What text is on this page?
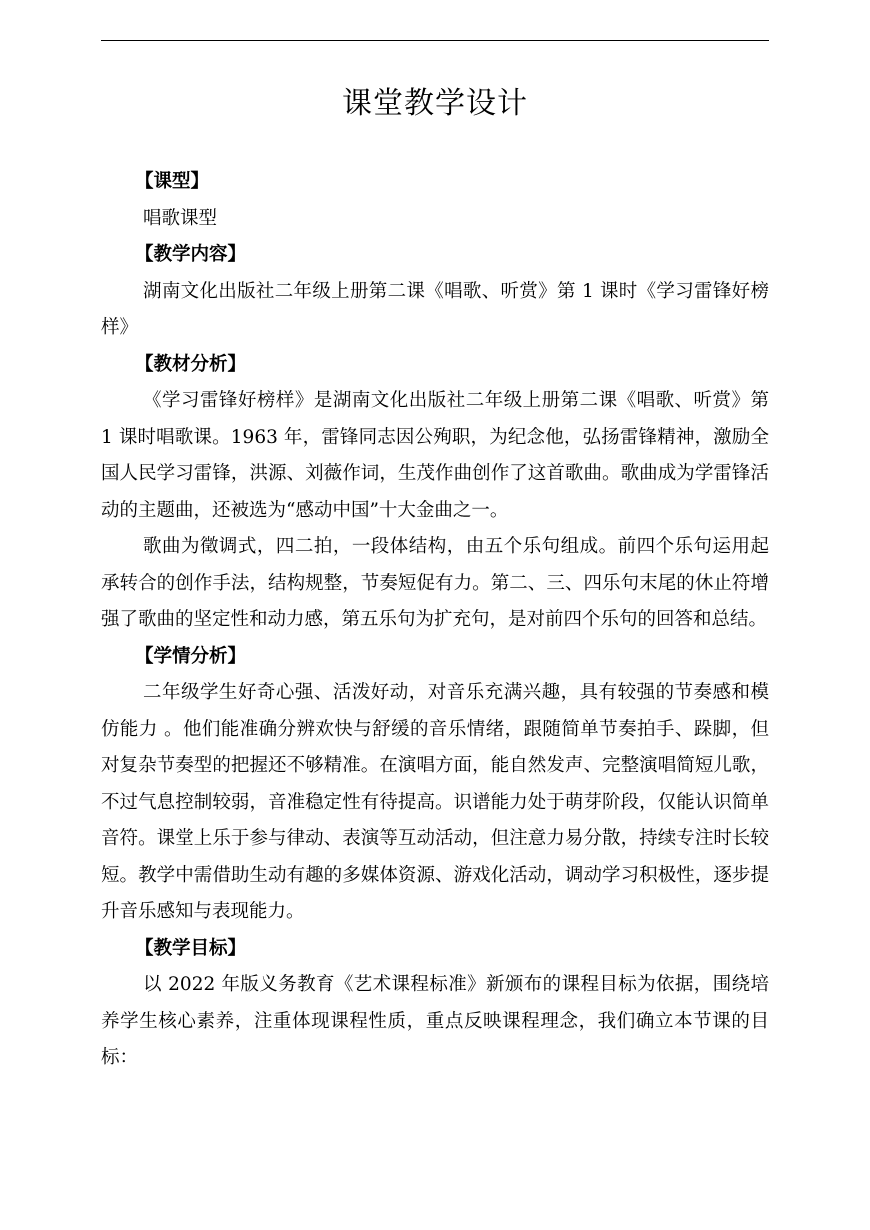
课堂教学设计

【课型】

唱歌课型

【教学内容】

湖南文化出版社二年级上册第二课《唱歌、听赏》第 1 课时《学习雷锋好榜样》

【教材分析】

《学习雷锋好榜样》是湖南文化出版社二年级上册第二课《唱歌、听赏》第 1 课时唱歌课。1963 年，雷锋同志因公殉职，为纪念他，弘扬雷锋精神，激励全国人民学习雷锋，洪源、刘薇作词，生茂作曲创作了这首歌曲。歌曲成为学雷锋活动的主题曲，还被选为“感动中国”十大金曲之一。

歌曲为徵调式，四二拍，一段体结构，由五个乐句组成。前四个乐句运用起承转合的创作手法，结构规整，节奏短促有力。第二、三、四乐句末尾的休止符增强了歌曲的坚定性和动力感，第五乐句为扩充句，是对前四个乐句的回答和总结。

【学情分析】

二年级学生好奇心强、活泼好动，对音乐充满兴趣，具有较强的节奏感和模仿能力 。他们能准确分辨欢快与舒缓的音乐情绪，跟随简单节奏拍手、跺脚，但对复杂节奏型的把握还不够精准。在演唱方面，能自然发声、完整演唱简短儿歌，不过气息控制较弱，音准稳定性有待提高。识谱能力处于萌芽阶段，仅能认识简单音符。课堂上乐于参与律动、表演等互动活动，但注意力易分散，持续专注时长较短。教学中需借助生动有趣的多媒体资源、游戏化活动，调动学习积极性，逐步提升音乐感知与表现能力。

【教学目标】

以 2022 年版义务教育《艺术课程标准》新颁布的课程目标为依据，围绕培养学生核心素养，注重体现课程性质，重点反映课程理念，我们确立本节课的目标：
